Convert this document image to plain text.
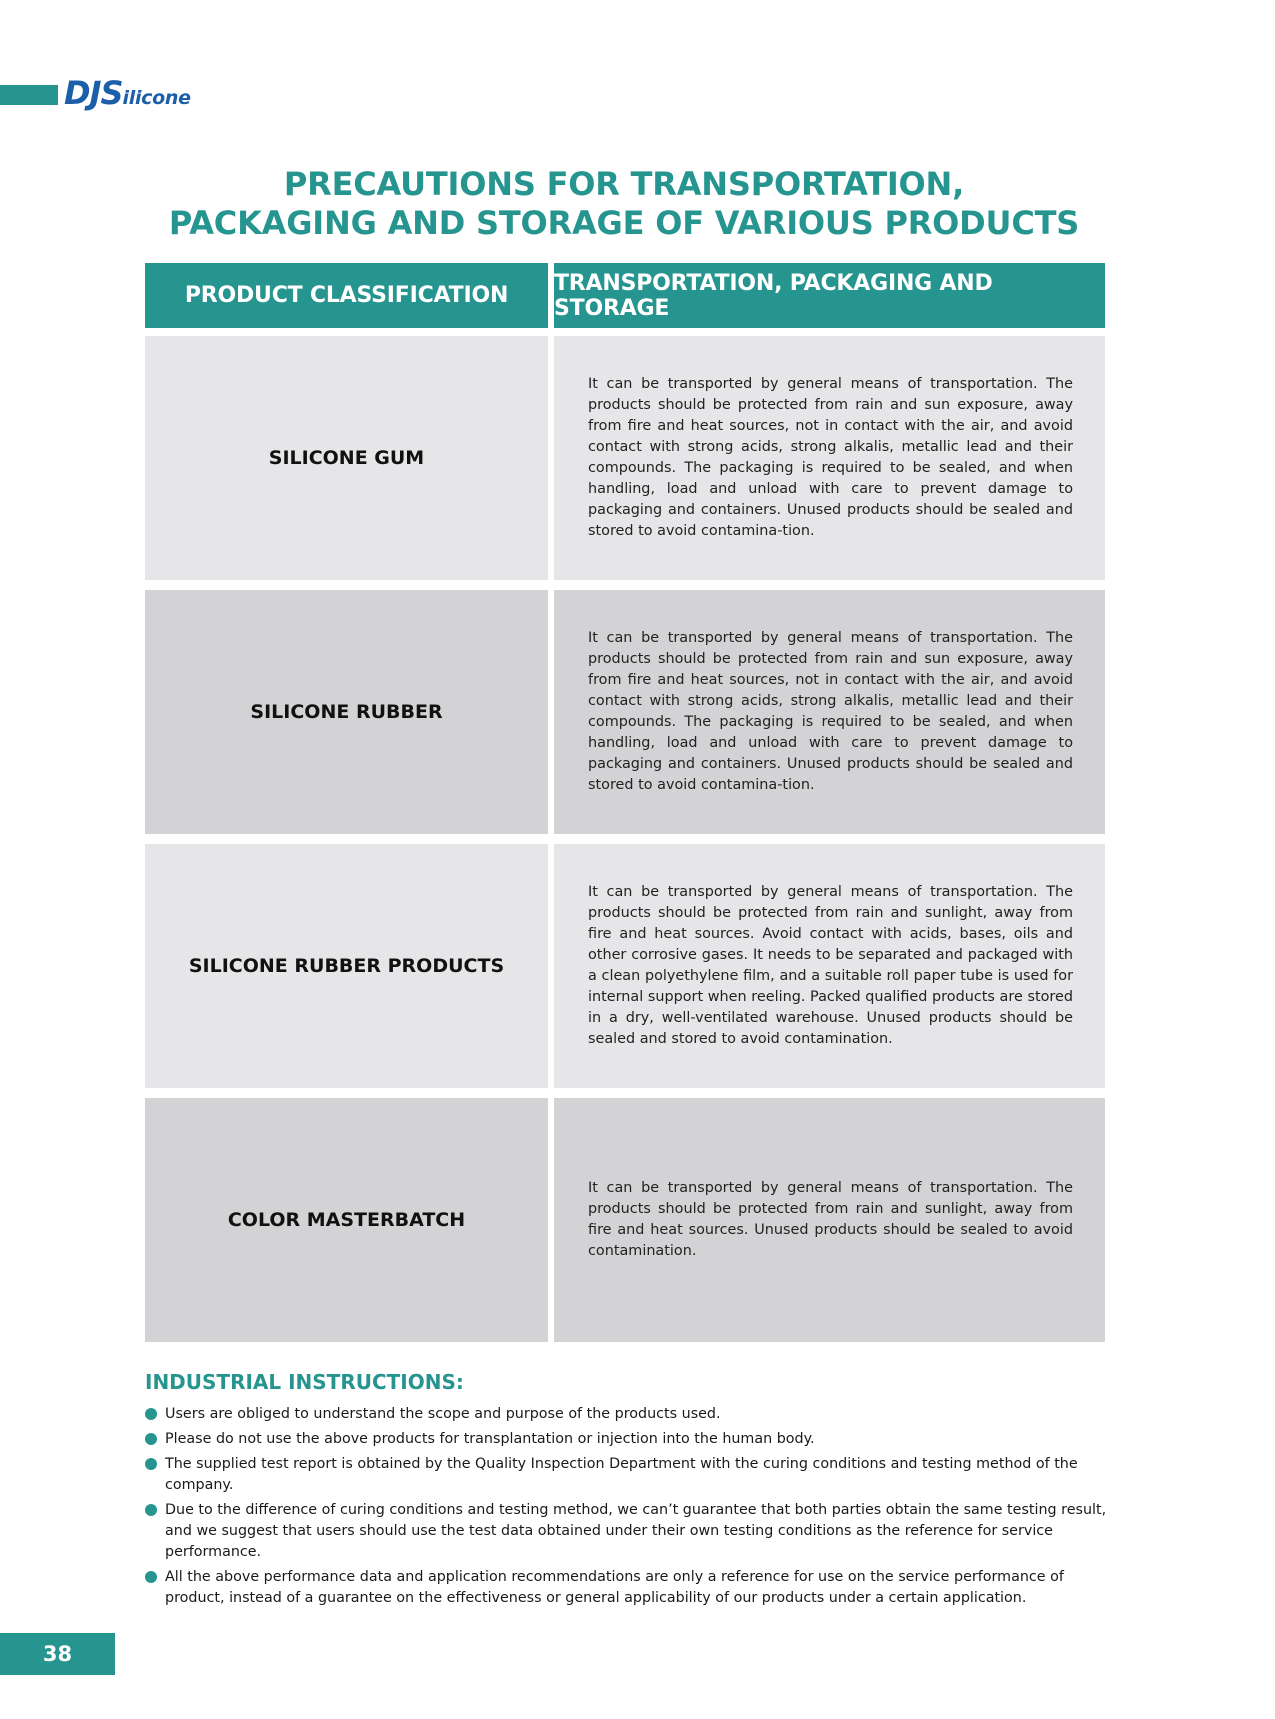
DJSilicone
PRECAUTIONS FOR TRANSPORTATION,
PACKAGING AND STORAGE OF VARIOUS PRODUCTS
PRODUCT CLASSIFICATION	TRANSPORTATION, PACKAGING AND STORAGE
SILICONE GUM

It can be transported by general means of transportation. The products should be protected from rain and sun exposure, away from fire and heat sources, not in contact with the air, and avoid contact with strong acids, strong alkalis, metallic lead and their compounds. The packaging is required to be sealed, and when handling, load and unload with care to prevent damage to packaging and containers. Unused products should be sealed and stored to avoid contamina-tion.

SILICONE RUBBER

It can be transported by general means of transportation. The products should be protected from rain and sun exposure, away from fire and heat sources, not in contact with the air, and avoid contact with strong acids, strong alkalis, metallic lead and their compounds. The packaging is required to be sealed, and when handling, load and unload with care to prevent damage to packaging and containers. Unused products should be sealed and stored to avoid contamina-tion.

SILICONE RUBBER PRODUCTS

It can be transported by general means of transportation. The products should be protected from rain and sunlight, away from fire and heat sources. Avoid contact with acids, bases, oils and other corrosive gases. It needs to be separated and packaged with a clean polyethylene film, and a suitable roll paper tube is used for internal support when reeling. Packed qualified products are stored in a dry, well-ventilated warehouse. Unused products should be sealed and stored to avoid contamination.

COLOR MASTERBATCH

It can be transported by general means of transportation. The products should be protected from rain and sunlight, away from fire and heat sources. Unused products should be sealed to avoid contamination.

INDUSTRIAL INSTRUCTIONS:
Users are obliged to understand the scope and purpose of the products used.
Please do not use the above products for transplantation or injection into the human body.
The supplied test report is obtained by the Quality Inspection Department with the curing conditions and testing method of the company.
Due to the difference of curing conditions and testing method, we can’t guarantee that both parties obtain the same testing result, and we suggest that users should use the test data obtained under their own testing conditions as the reference for service performance.
All the above performance data and application recommendations are only a reference for use on the service performance of product, instead of a guarantee on the effectiveness or general applicability of our products under a certain application.
38
